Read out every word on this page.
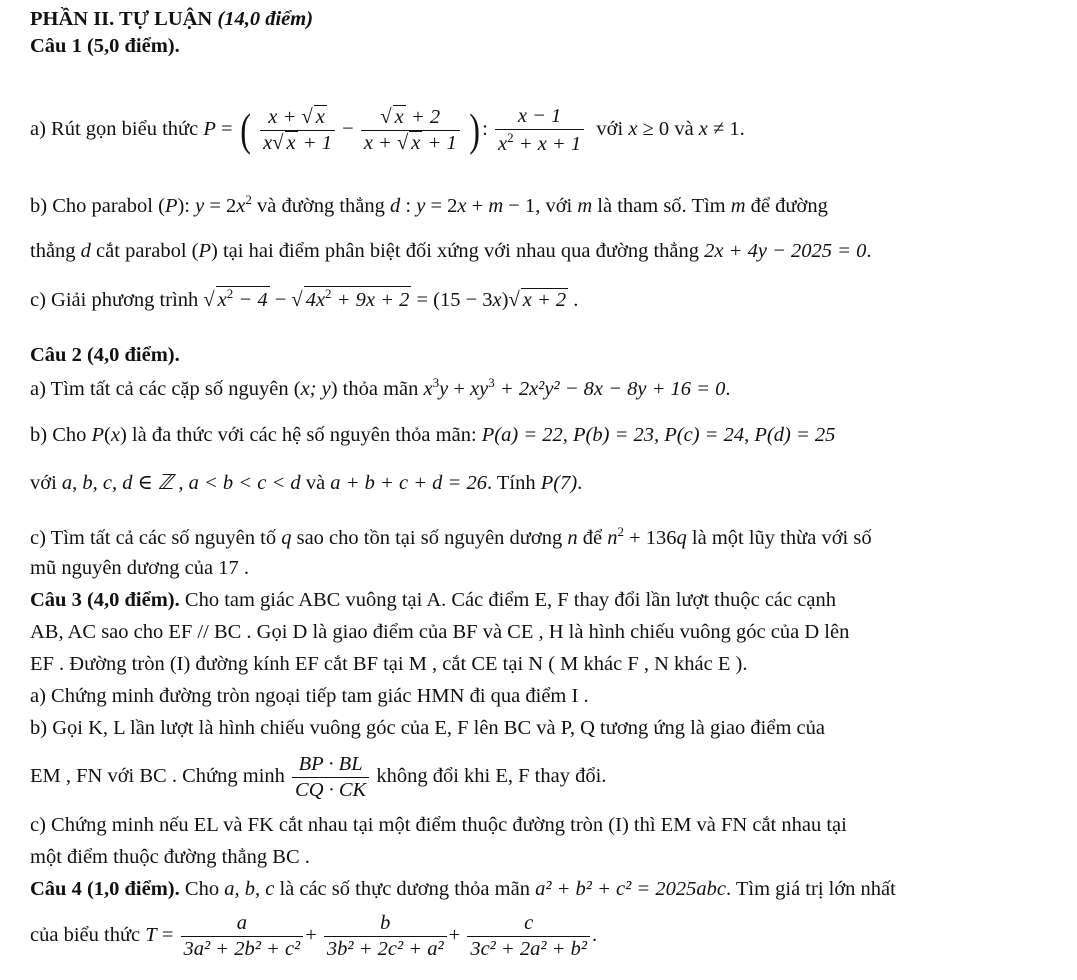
PHẦN II. TỰ LUẬN (14,0 điểm)
Câu 1 (5,0 điểm).
a) Rút gọn biểu thức P = ( $\frac{x + √ x}{x√ x + 1} - \frac{√ x + 2}{x + √ x + 1}$ ) : $\frac{x - 1}{x^2 + x + 1}$ với x ≥ 0 và x ≠ 1.
b) Cho parabol (P): $y = 2x^2$ và đường thẳng d : y = 2x + m − 1, với m là tham số. Tìm m để đường
thẳng d cắt parabol (P) tại hai điểm phân biệt đối xứng với nhau qua đường thẳng 2x + 4y − 2025 = 0.
c) Giải phương trình √ $x^2 - 4$ − √ $4x^2 + 9x + 2 = (15 - 3x)√$ x + 2 .
Câu 2 (4,0 điểm).
a) Tìm tất cả các cặp số nguyên (x; y) thỏa mãn $x^3y + xy^3 + 2x^2y^2 - 8x - 8y + 16 = 0$.
b) Cho P(x) là đa thức với các hệ số nguyên thỏa mãn: P(a) = 22, P(b) = 23, P(c) = 24, P(d) = 25
với a, b, c, d ∈ ℤ , a < b < c < d và a + b + c + d = 26. Tính P(7).
c) Tìm tất cả các số nguyên tố q sao cho tồn tại số nguyên dương n để $n^2 + 136q$ là một lũy thừa với số
mũ nguyên dương của 17 .
Câu 3 (4,0 điểm). Cho tam giác ABC vuông tại A. Các điểm E, F thay đổi lần lượt thuộc các cạnh
AB, AC sao cho EF // BC . Gọi D là giao điểm của BF và CE , H là hình chiếu vuông góc của D lên
EF . Đường tròn (I) đường kính EF cắt BF tại M , cắt CE tại N ( M khác F , N khác E ).
a) Chứng minh đường tròn ngoại tiếp tam giác HMN đi qua điểm I .
b) Gọi K, L lần lượt là hình chiếu vuông góc của E, F lên BC và P, Q tương ứng là giao điểm của
EM , FN với BC . Chứng minh $\frac{BP \cdot BL}{CQ \cdot CK}$ không đổi khi E, F thay đổi.
c) Chứng minh nếu EL và FK cắt nhau tại một điểm thuộc đường tròn (I) thì EM và FN cắt nhau tại
một điểm thuộc đường thẳng BC .
Câu 4 (1,0 điểm). Cho a, b, c là các số thực dương thỏa mãn a² + b² + c² = 2025abc. Tìm giá trị lớn nhất
của biểu thức $T = \frac{a}{\text{3a² + 2b² + c²}} + \frac{b}{\text{3b² + 2c² + a²}} + \frac{c}{\text{3c² + 2a² + b²}}$ .
